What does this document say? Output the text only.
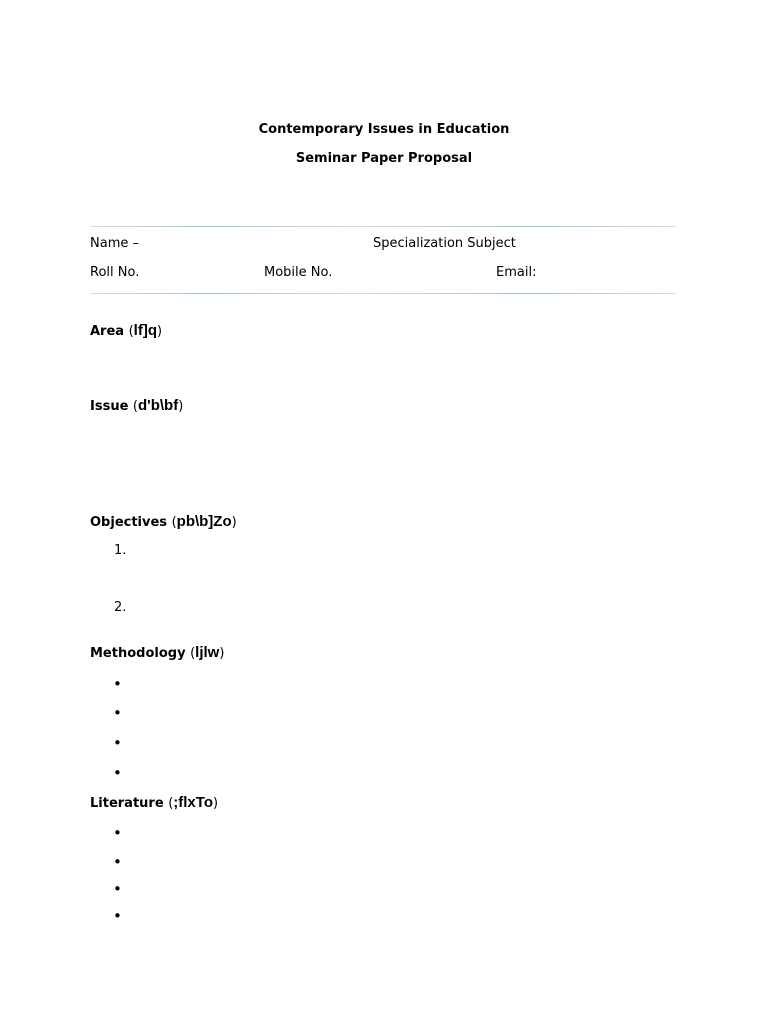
Contemporary Issues in Education
Seminar Paper Proposal
Name –	Specialization Subject
Roll No.	Mobile No.	Email:
Area (lf]q)
Issue (d'b\bf)
Objectives (pb\b]Zo)
1.
2.
Methodology (ljlw)
•
•
•
•
Literature (;flxTo)
•
•
•
•
